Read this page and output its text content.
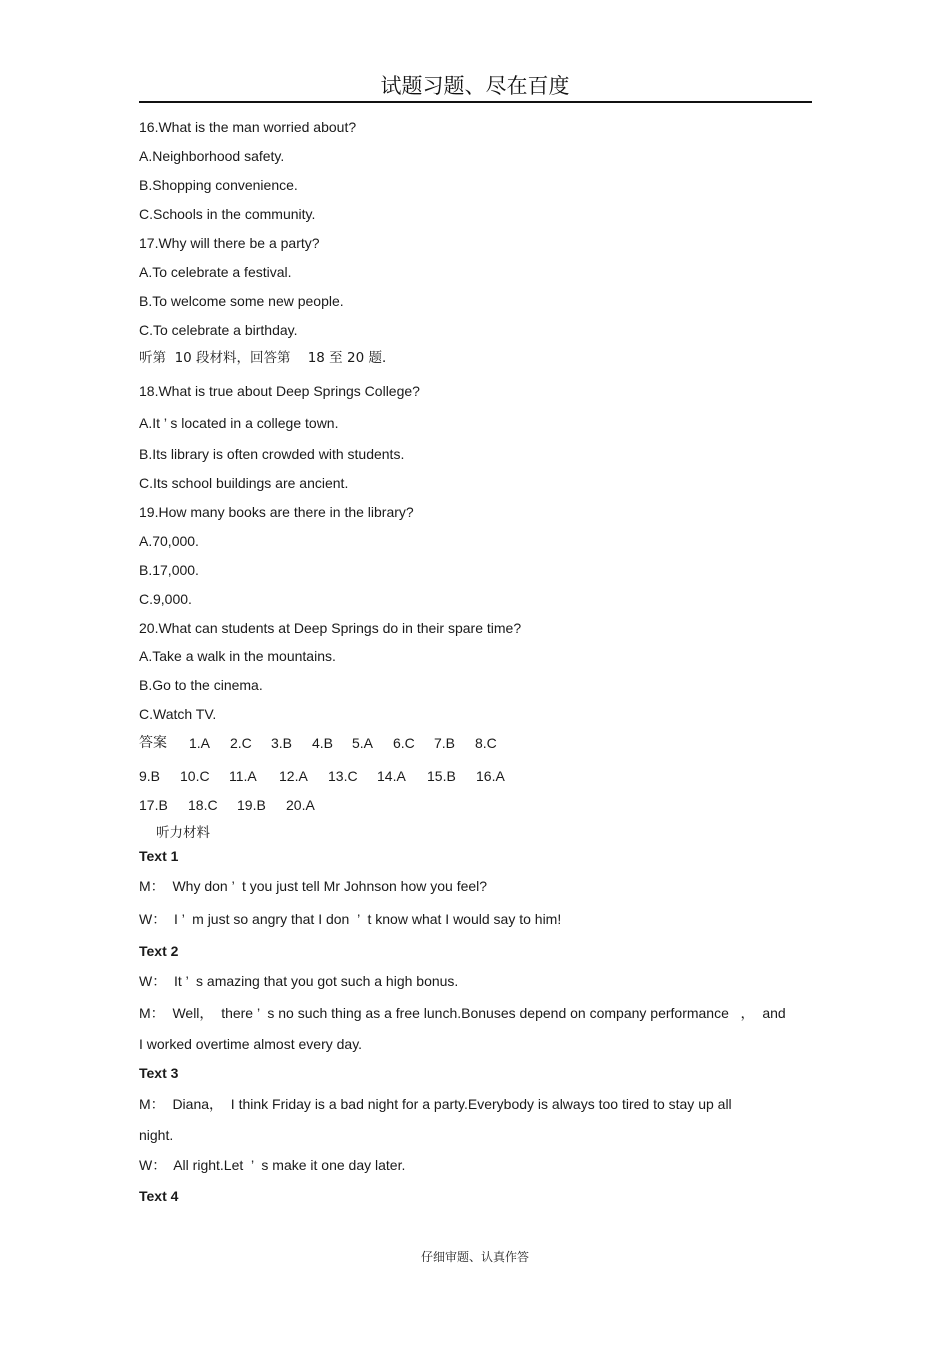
试题习题、尽在百度
16.What is the man worried about?
A.Neighborhood safety.
B.Shopping convenience.
C.Schools in the community.
17.Why will there be a party?
A.To celebrate a festival.
B.To welcome some new people.
C.To celebrate a birthday.
听第  10 段材料，回答第    18 至 20 题．
18.What is true about Deep Springs College?
A.It ’ s located in a college town.
B.Its library is often crowded with students.
C.Its school buildings are ancient.
19.How many books are there in the library?
A.70,000.
B.17,000.
C.9,000.
20.What can students at Deep Springs do in their spare time?
A.Take a walk in the mountains.
B.Go to the cinema.
C.Watch TV.
答案 1.A 2.C 3.B 4.B 5.A 6.C 7.B 8.C
9.B 10.C 11.A 12.A 13.C 14.A 15.B 16.A
17.B 18.C 19.B 20.A
听力材料
Text 1
M：  Why don ’  t you just tell Mr Johnson how you feel?
W：  I ’  m just so angry that I don  ’  t know what I would say to him!
Text 2
W：  It ’  s amazing that you got such a high bonus.
M：  Well，  there ’  s no such thing as a free lunch.Bonuses depend on company performance   ，  and
I worked overtime almost every day.
Text 3
M：  Diana，  I think Friday is a bad night for a party.Everybody is always too tired to stay up all
night.
W：  All right.Let  ’  s make it one day later.
Text 4
仔细审题、认真作答
